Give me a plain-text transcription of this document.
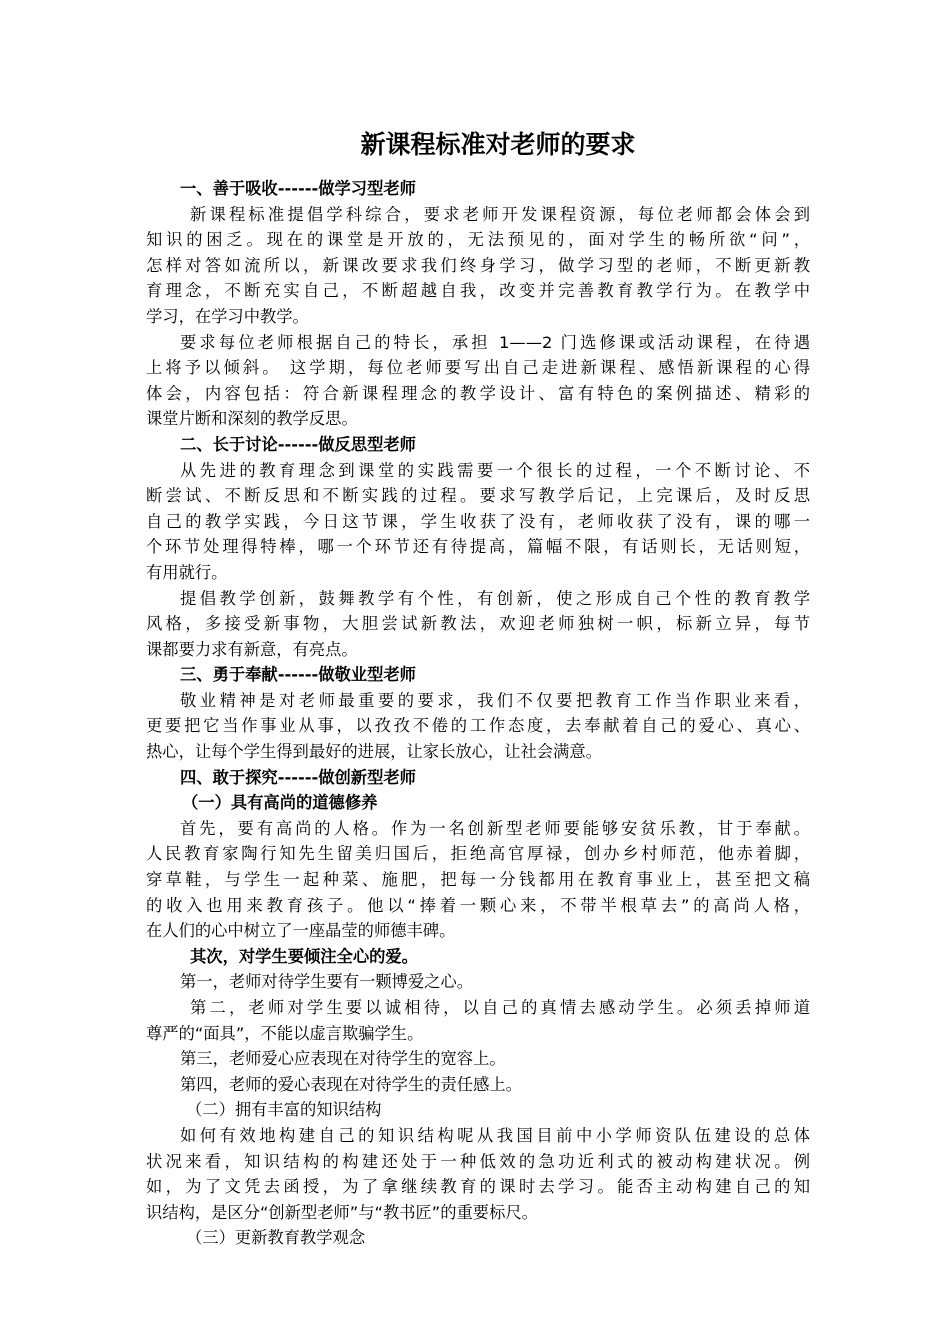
新课程标准对老师的要求
一、善于吸收------做学习型老师
新课程标准提倡学科综合，要求老师开发课程资源，每位老师都会体会到
知识的困乏。现在的课堂是开放的，无法预见的，面对学生的畅所欲“问”，
怎样对答如流所以，新课改要求我们终身学习，做学习型的老师，不断更新教
育理念，不断充实自己，不断超越自我，改变并完善教育教学行为。在教学中
学习，在学习中教学。
要求每位老师根据自己的特长，承担 1——2 门选修课或活动课程，在待遇
上将予以倾斜。 这学期，每位老师要写出自己走进新课程、感悟新课程的心得
体会，内容包括：符合新课程理念的教学设计、富有特色的案例描述、精彩的
课堂片断和深刻的教学反思。
二、长于讨论------做反思型老师
从先进的教育理念到课堂的实践需要一个很长的过程，一个不断讨论、不
断尝试、不断反思和不断实践的过程。要求写教学后记，上完课后，及时反思
自己的教学实践，今日这节课，学生收获了没有，老师收获了没有，课的哪一
个环节处理得特棒，哪一个环节还有待提高，篇幅不限，有话则长，无话则短，
有用就行。
提倡教学创新，鼓舞教学有个性，有创新，使之形成自己个性的教育教学
风格，多接受新事物，大胆尝试新教法，欢迎老师独树一帜，标新立异，每节
课都要力求有新意，有亮点。
三、勇于奉献------做敬业型老师
敬业精神是对老师最重要的要求，我们不仅要把教育工作当作职业来看，
更要把它当作事业从事，以孜孜不倦的工作态度，去奉献着自己的爱心、真心、
热心，让每个学生得到最好的进展，让家长放心，让社会满意。
四、敢于探究------做创新型老师
（一）具有高尚的道德修养
首先，要有高尚的人格。作为一名创新型老师要能够安贫乐教，甘于奉献。
人民教育家陶行知先生留美归国后，拒绝高官厚禄，创办乡村师范，他赤着脚，
穿草鞋，与学生一起种菜、施肥，把每一分钱都用在教育事业上，甚至把文稿
的收入也用来教育孩子。他以“捧着一颗心来，不带半根草去”的高尚人格，
在人们的心中树立了一座晶莹的师德丰碑。
其次，对学生要倾注全心的爱。
第一，老师对待学生要有一颗博爱之心。
第二，老师对学生要以诚相待，以自己的真情去感动学生。必须丢掉师道
尊严的“面具”，不能以虚言欺骗学生。
第三，老师爱心应表现在对待学生的宽容上。
第四，老师的爱心表现在对待学生的责任感上。
（二）拥有丰富的知识结构
如何有效地构建自己的知识结构呢从我国目前中小学师资队伍建设的总体
状况来看，知识结构的构建还处于一种低效的急功近利式的被动构建状况。例
如，为了文凭去函授，为了拿继续教育的课时去学习。能否主动构建自己的知
识结构，是区分“创新型老师”与“教书匠”的重要标尺。
（三）更新教育教学观念
